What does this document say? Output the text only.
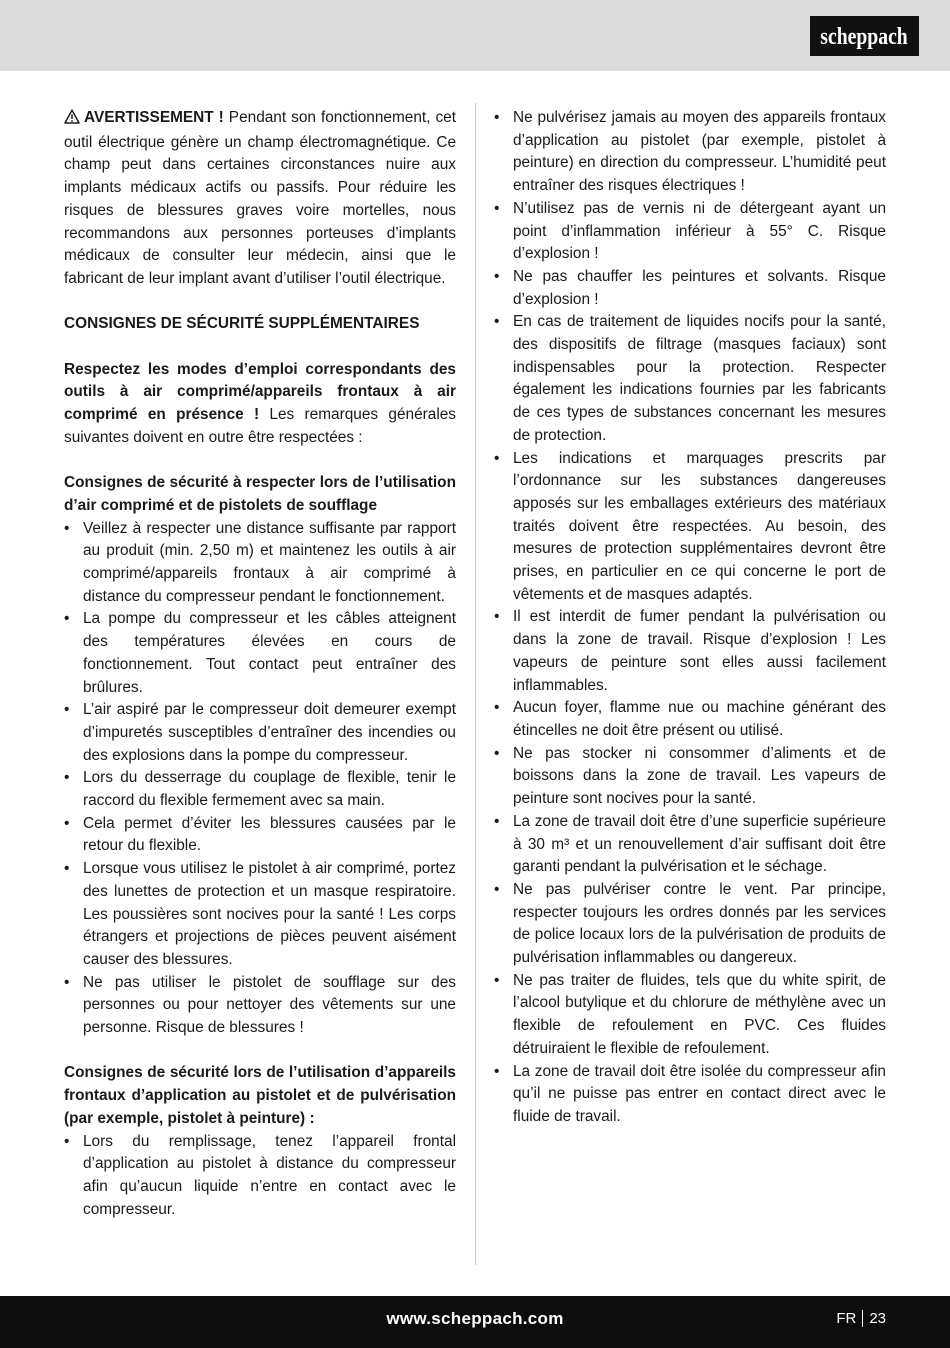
scheppach

AVERTISSEMENT ! Pendant son fonctionnement, cet outil électrique génère un champ électromagnétique. Ce champ peut dans certaines circonstances nuire aux implants médicaux actifs ou passifs. Pour réduire les risques de blessures graves voire mortelles, nous recommandons aux personnes porteuses d’implants médicaux de consulter leur médecin, ainsi que le fabricant de leur implant avant d’utiliser l’outil électrique.

CONSIGNES DE SÉCURITÉ SUPPLÉMENTAIRES

Respectez les modes d’emploi correspondants des outils à air comprimé/appareils frontaux à air comprimé en présence ! Les remarques générales suivantes doivent en outre être respectées :

Consignes de sécurité à respecter lors de l’utilisation d’air comprimé et de pistolets de soufflage

• Veillez à respecter une distance suffisante par rapport au produit (min. 2,50 m) et maintenez les outils à air comprimé/appareils frontaux à air comprimé à distance du compresseur pendant le fonctionnement.
• La pompe du compresseur et les câbles atteignent des températures élevées en cours de fonctionnement. Tout contact peut entraîner des brûlures.
• L’air aspiré par le compresseur doit demeurer exempt d’impuretés susceptibles d’entraîner des incendies ou des explosions dans la pompe du compresseur.
• Lors du desserrage du couplage de flexible, tenir le raccord du flexible fermement avec sa main.
• Cela permet d’éviter les blessures causées par le retour du flexible.
• Lorsque vous utilisez le pistolet à air comprimé, portez des lunettes de protection et un masque respiratoire. Les poussières sont nocives pour la santé ! Les corps étrangers et projections de pièces peuvent aisément causer des blessures.
• Ne pas utiliser le pistolet de soufflage sur des personnes ou pour nettoyer des vêtements sur une personne. Risque de blessures !

Consignes de sécurité lors de l’utilisation d’appareils frontaux d’application au pistolet et de pulvérisation (par exemple, pistolet à peinture) :

• Lors du remplissage, tenez l’appareil frontal d’application au pistolet à distance du compresseur afin qu’aucun liquide n’entre en contact avec le compresseur.
• Ne pulvérisez jamais au moyen des appareils frontaux d’application au pistolet (par exemple, pistolet à peinture) en direction du compresseur. L’humidité peut entraîner des risques électriques !
• N’utilisez pas de vernis ni de détergeant ayant un point d’inflammation inférieur à 55° C. Risque d’explosion !
• Ne pas chauffer les peintures et solvants. Risque d’explosion !
• En cas de traitement de liquides nocifs pour la santé, des dispositifs de filtrage (masques faciaux) sont indispensables pour la protection. Respecter également les indications fournies par les fabricants de ces types de substances concernant les mesures de protection.
• Les indications et marquages prescrits par l’ordonnance sur les substances dangereuses apposés sur les emballages extérieurs des matériaux traités doivent être respectées. Au besoin, des mesures de protection supplémentaires devront être prises, en particulier en ce qui concerne le port de vêtements et de masques adaptés.
• Il est interdit de fumer pendant la pulvérisation ou dans la zone de travail. Risque d’explosion ! Les vapeurs de peinture sont elles aussi facilement inflammables.
• Aucun foyer, flamme nue ou machine générant des étincelles ne doit être présent ou utilisé.
• Ne pas stocker ni consommer d’aliments et de boissons dans la zone de travail. Les vapeurs de peinture sont nocives pour la santé.
• La zone de travail doit être d’une superficie supérieure à 30 m³ et un renouvellement d’air suffisant doit être garanti pendant la pulvérisation et le séchage.
• Ne pas pulvériser contre le vent. Par principe, respecter toujours les ordres donnés par les services de police locaux lors de la pulvérisation de produits de pulvérisation inflammables ou dangereux.
• Ne pas traiter de fluides, tels que du white spirit, de l’alcool butylique et du chlorure de méthylène avec un flexible de refoulement en PVC. Ces fluides détruiraient le flexible de refoulement.
• La zone de travail doit être isolée du compresseur afin qu’il ne puisse pas entrer en contact direct avec le fluide de travail.
www.scheppach.com	FR 23
